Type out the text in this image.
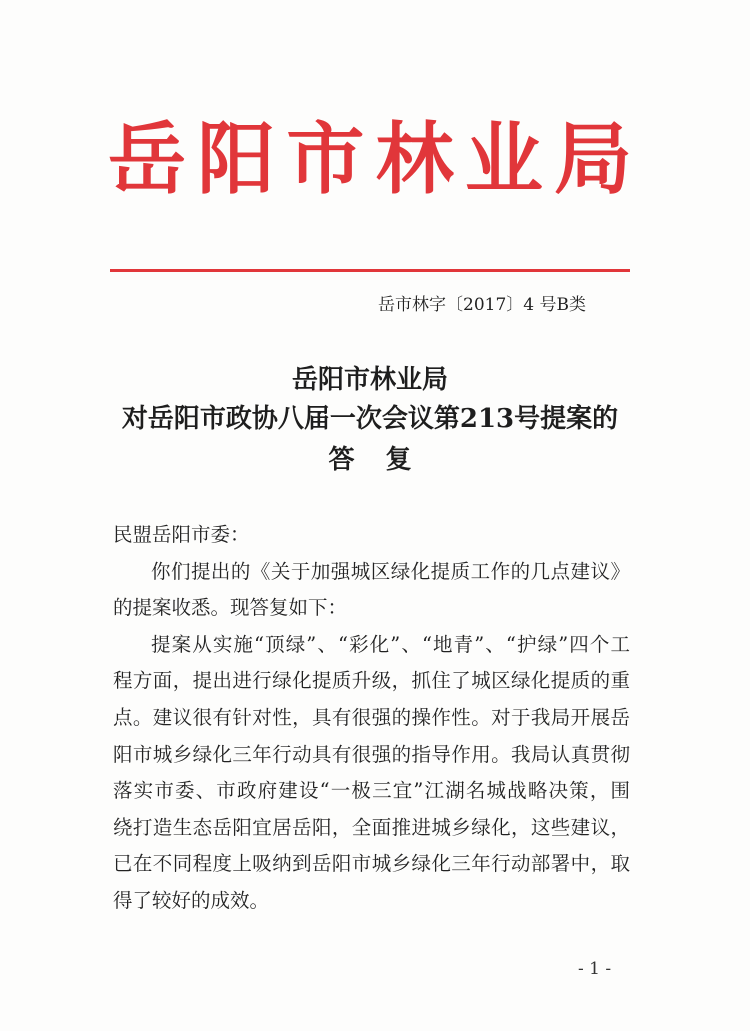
岳阳市林业局
岳市林字〔2017〕4 号B类
岳阳市林业局
对岳阳市政协八届一次会议第213号提案的
答 复
民盟岳阳市委：
你们提出的《关于加强城区绿化提质工作的几点建议》
的提案收悉。现答复如下：
提案从实施“顶绿”、“彩化”、“地青”、“护绿”四个工
程方面，提出进行绿化提质升级，抓住了城区绿化提质的重
点。建议很有针对性，具有很强的操作性。对于我局开展岳
阳市城乡绿化三年行动具有很强的指导作用。我局认真贯彻
落实市委、市政府建设“一极三宜”江湖名城战略决策，围
绕打造生态岳阳宜居岳阳，全面推进城乡绿化，这些建议，
已在不同程度上吸纳到岳阳市城乡绿化三年行动部署中，取
得了较好的成效。
- 1 -
